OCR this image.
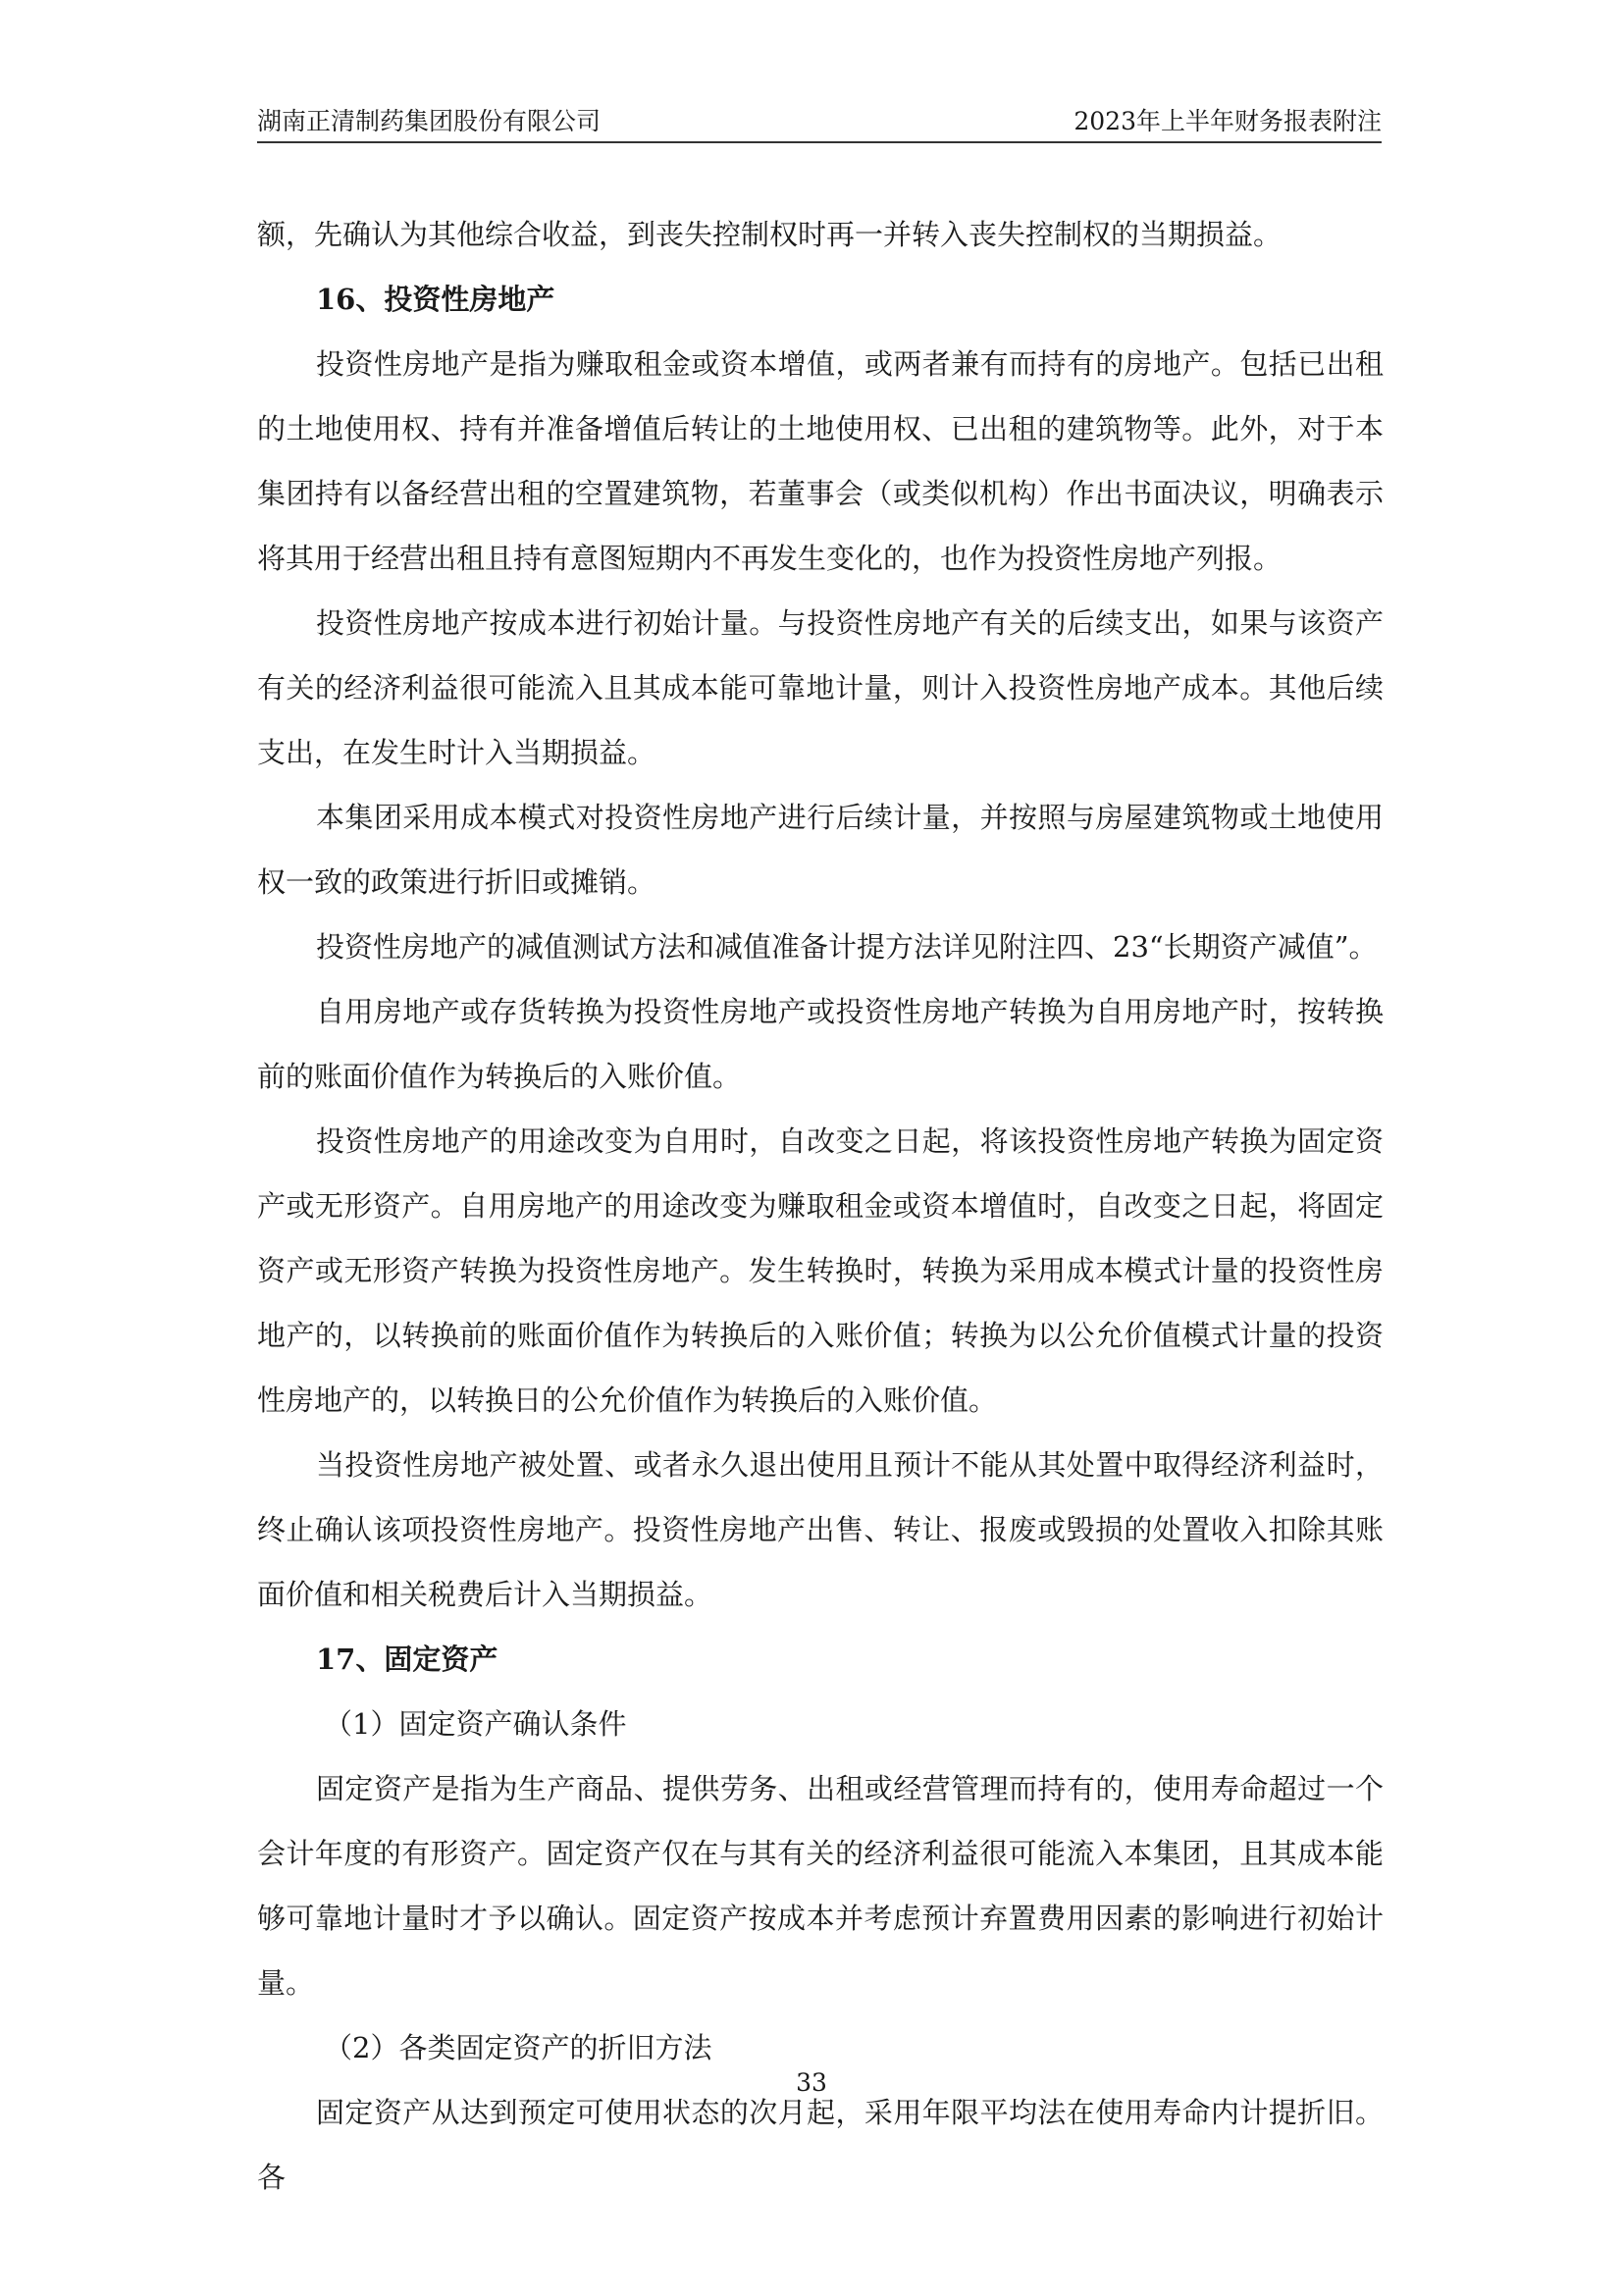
湖南正清制药集团股份有限公司	2023年上半年财务报表附注

额，先确认为其他综合收益，到丧失控制权时再一并转入丧失控制权的当期损益。

16、投资性房地产

投资性房地产是指为赚取租金或资本增值，或两者兼有而持有的房地产。包括已出租的土地使用权、持有并准备增值后转让的土地使用权、已出租的建筑物等。此外，对于本集团持有以备经营出租的空置建筑物，若董事会（或类似机构）作出书面决议，明确表示将其用于经营出租且持有意图短期内不再发生变化的，也作为投资性房地产列报。

投资性房地产按成本进行初始计量。与投资性房地产有关的后续支出，如果与该资产有关的经济利益很可能流入且其成本能可靠地计量，则计入投资性房地产成本。其他后续支出，在发生时计入当期损益。

本集团采用成本模式对投资性房地产进行后续计量，并按照与房屋建筑物或土地使用权一致的政策进行折旧或摊销。

投资性房地产的减值测试方法和减值准备计提方法详见附注四、23“长期资产减值”。

自用房地产或存货转换为投资性房地产或投资性房地产转换为自用房地产时，按转换前的账面价值作为转换后的入账价值。

投资性房地产的用途改变为自用时，自改变之日起，将该投资性房地产转换为固定资产或无形资产。自用房地产的用途改变为赚取租金或资本增值时，自改变之日起，将固定资产或无形资产转换为投资性房地产。发生转换时，转换为采用成本模式计量的投资性房地产的，以转换前的账面价值作为转换后的入账价值；转换为以公允价值模式计量的投资性房地产的，以转换日的公允价值作为转换后的入账价值。

当投资性房地产被处置、或者永久退出使用且预计不能从其处置中取得经济利益时，终止确认该项投资性房地产。投资性房地产出售、转让、报废或毁损的处置收入扣除其账面价值和相关税费后计入当期损益。

17、固定资产

（1）固定资产确认条件

固定资产是指为生产商品、提供劳务、出租或经营管理而持有的，使用寿命超过一个会计年度的有形资产。固定资产仅在与其有关的经济利益很可能流入本集团，且其成本能够可靠地计量时才予以确认。固定资产按成本并考虑预计弃置费用因素的影响进行初始计量。

（2）各类固定资产的折旧方法

固定资产从达到预定可使用状态的次月起，采用年限平均法在使用寿命内计提折旧。各

33
